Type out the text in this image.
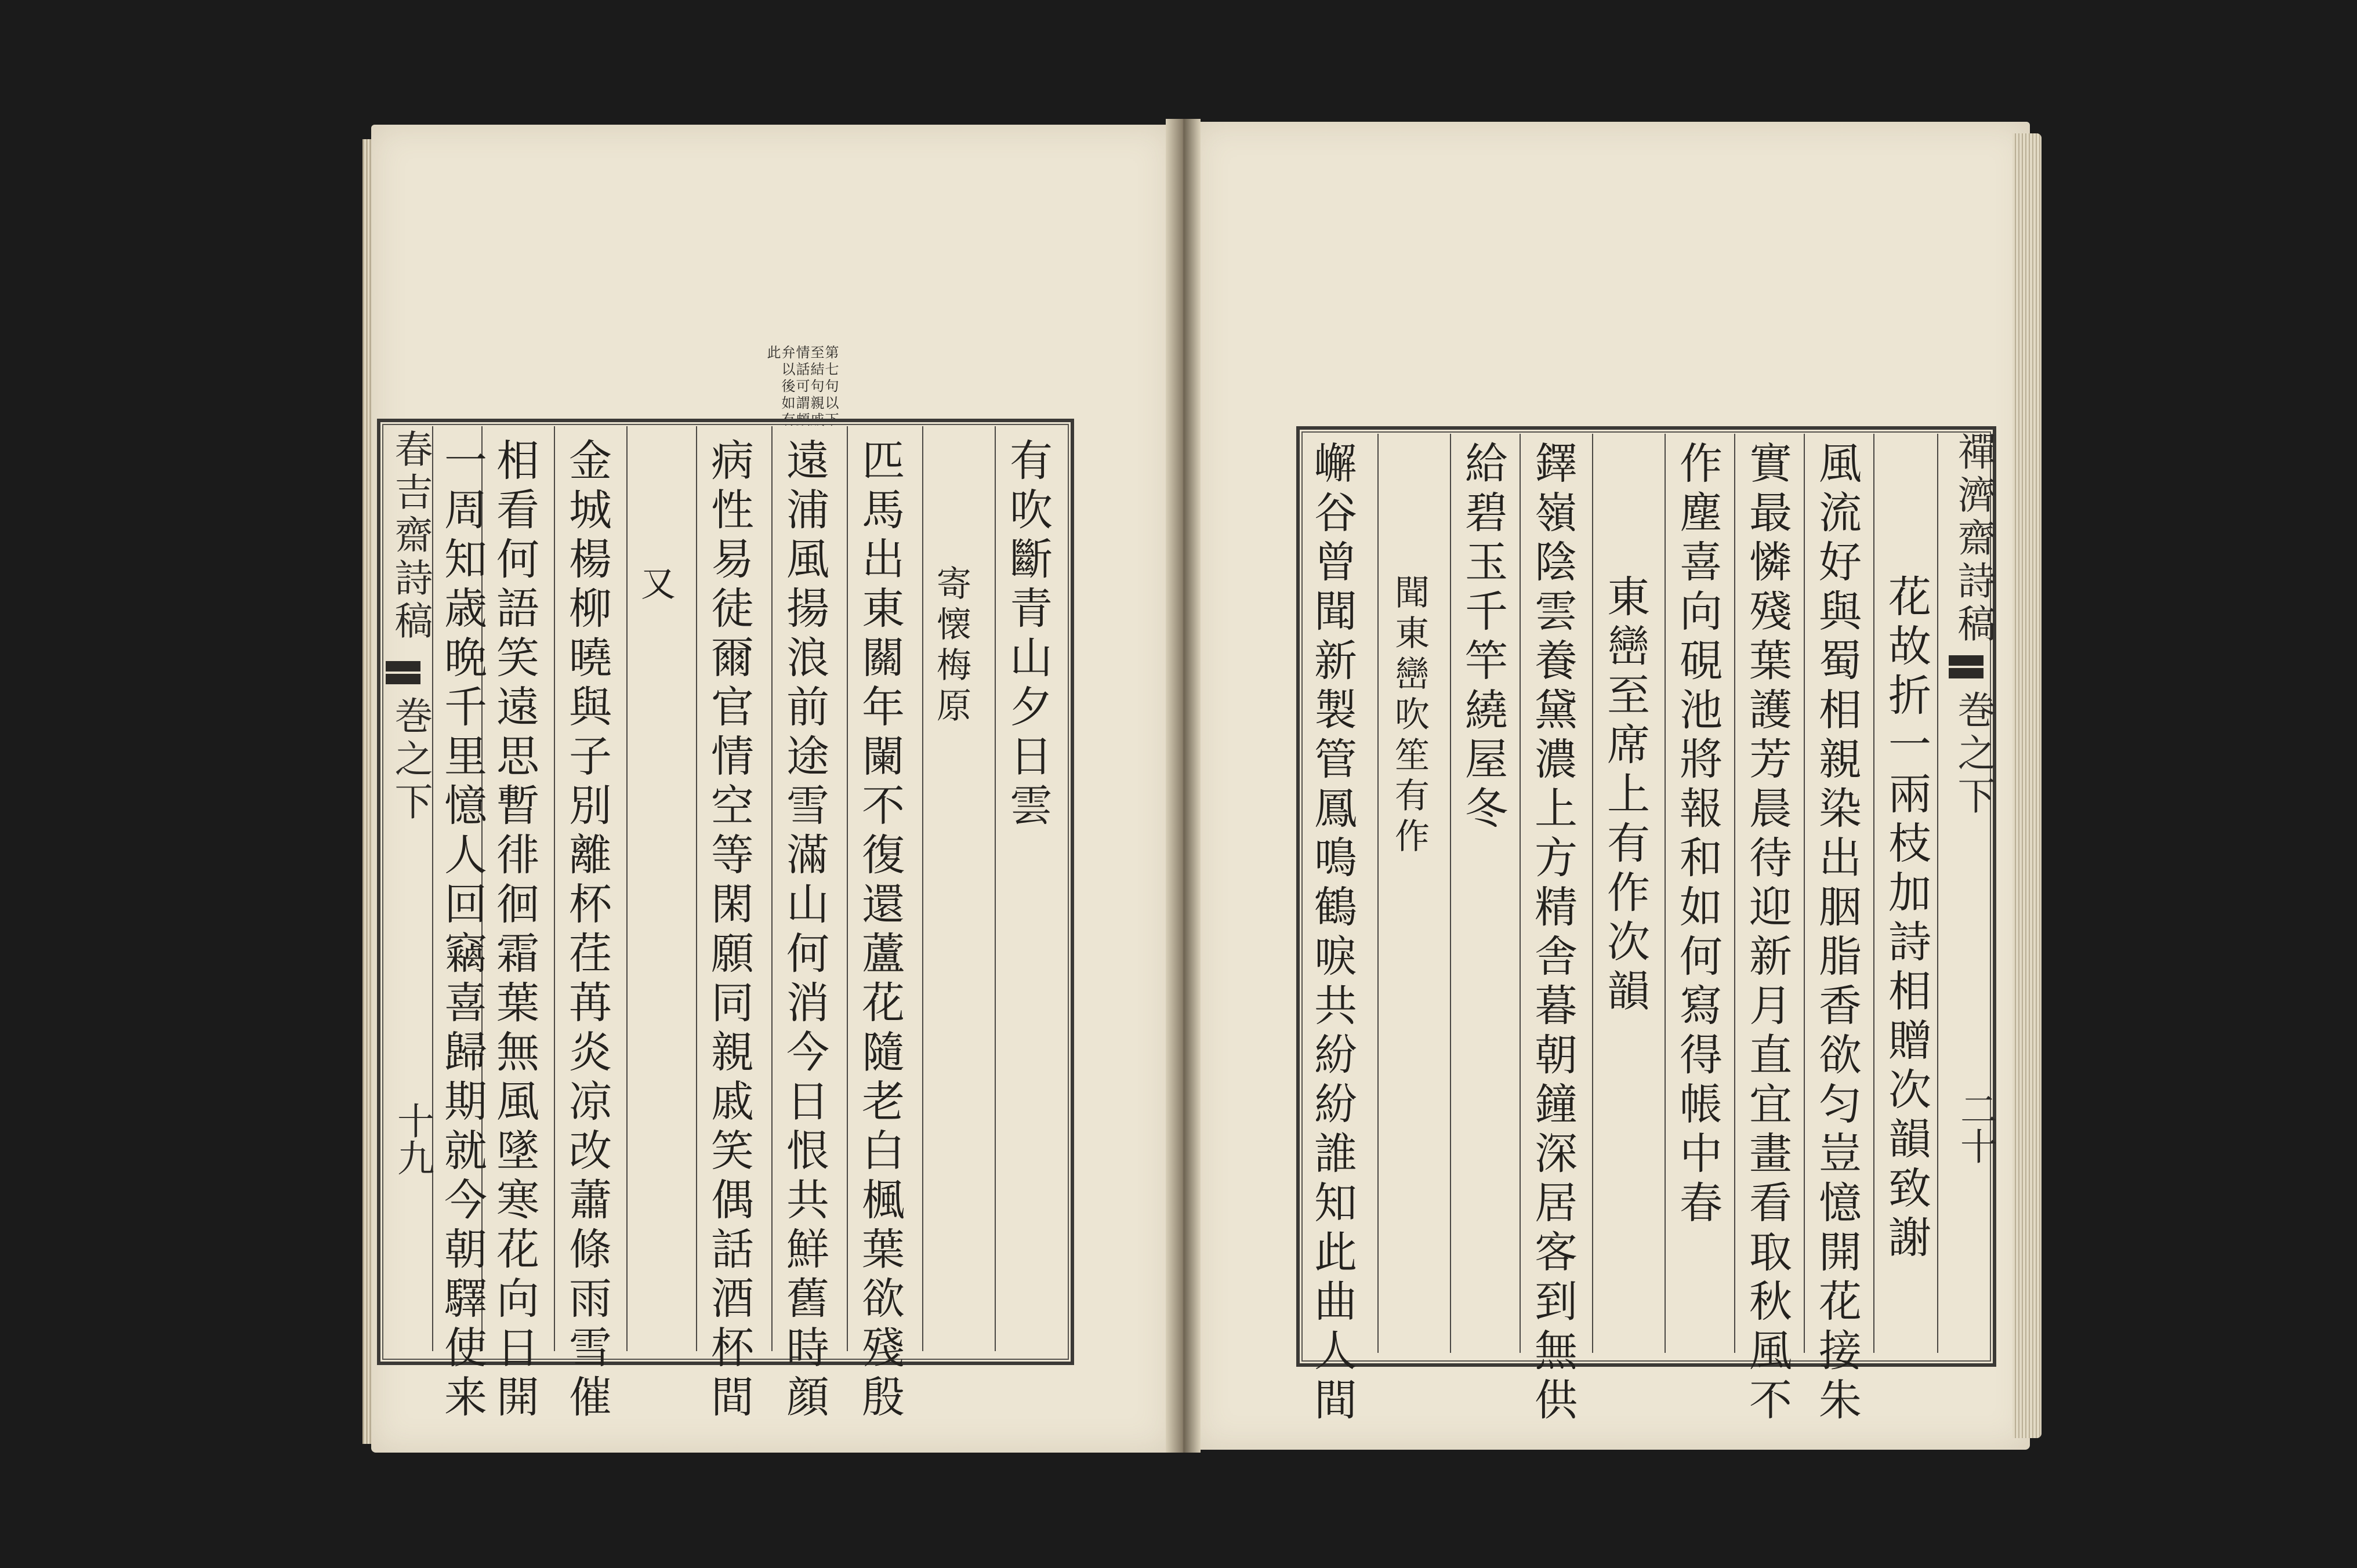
第七句以下
至結句親戚
情話可謂頗
弁以後如有
此
有吹斷青山夕日雲
寄懐梅原
匹馬出東關年闌不復還蘆花隨老白楓葉欲殘殷
遠浦風揚浪前途雪滿山何消今日恨共鮮舊時顔
病性易徒爾官情空等閑願同親戚笑偶話酒杯間
又
金城楊柳曉與子別離杯荏苒炎凉改蕭條雨雪催
相看何語笑遠思暫徘徊霜葉無風墜寒花向日開
一周知歳晩千里憶人回竊喜歸期就今朝驛使来
春吉齋詩稿
巻之下
十九	花故折一兩枝加詩相贈次韻致謝
風流好與蜀相親染出胭脂香欲匀豈憶開花接朱
實最憐殘葉護芳晨待迎新月直宜畫看取秋風不
作塵喜向硯池將報和如何寫得帳中春
東巒至席上有作次韻
鐸嶺陰雲養黛濃上方精舎暮朝鐘深居客到無供
給碧玉千竿繞屋冬
聞東巒吹笙有作
嶰谷曾聞新製管鳳鳴鶴唳共紛紛誰知此曲人間	禪濟齋詩稿
巻之下
二十
